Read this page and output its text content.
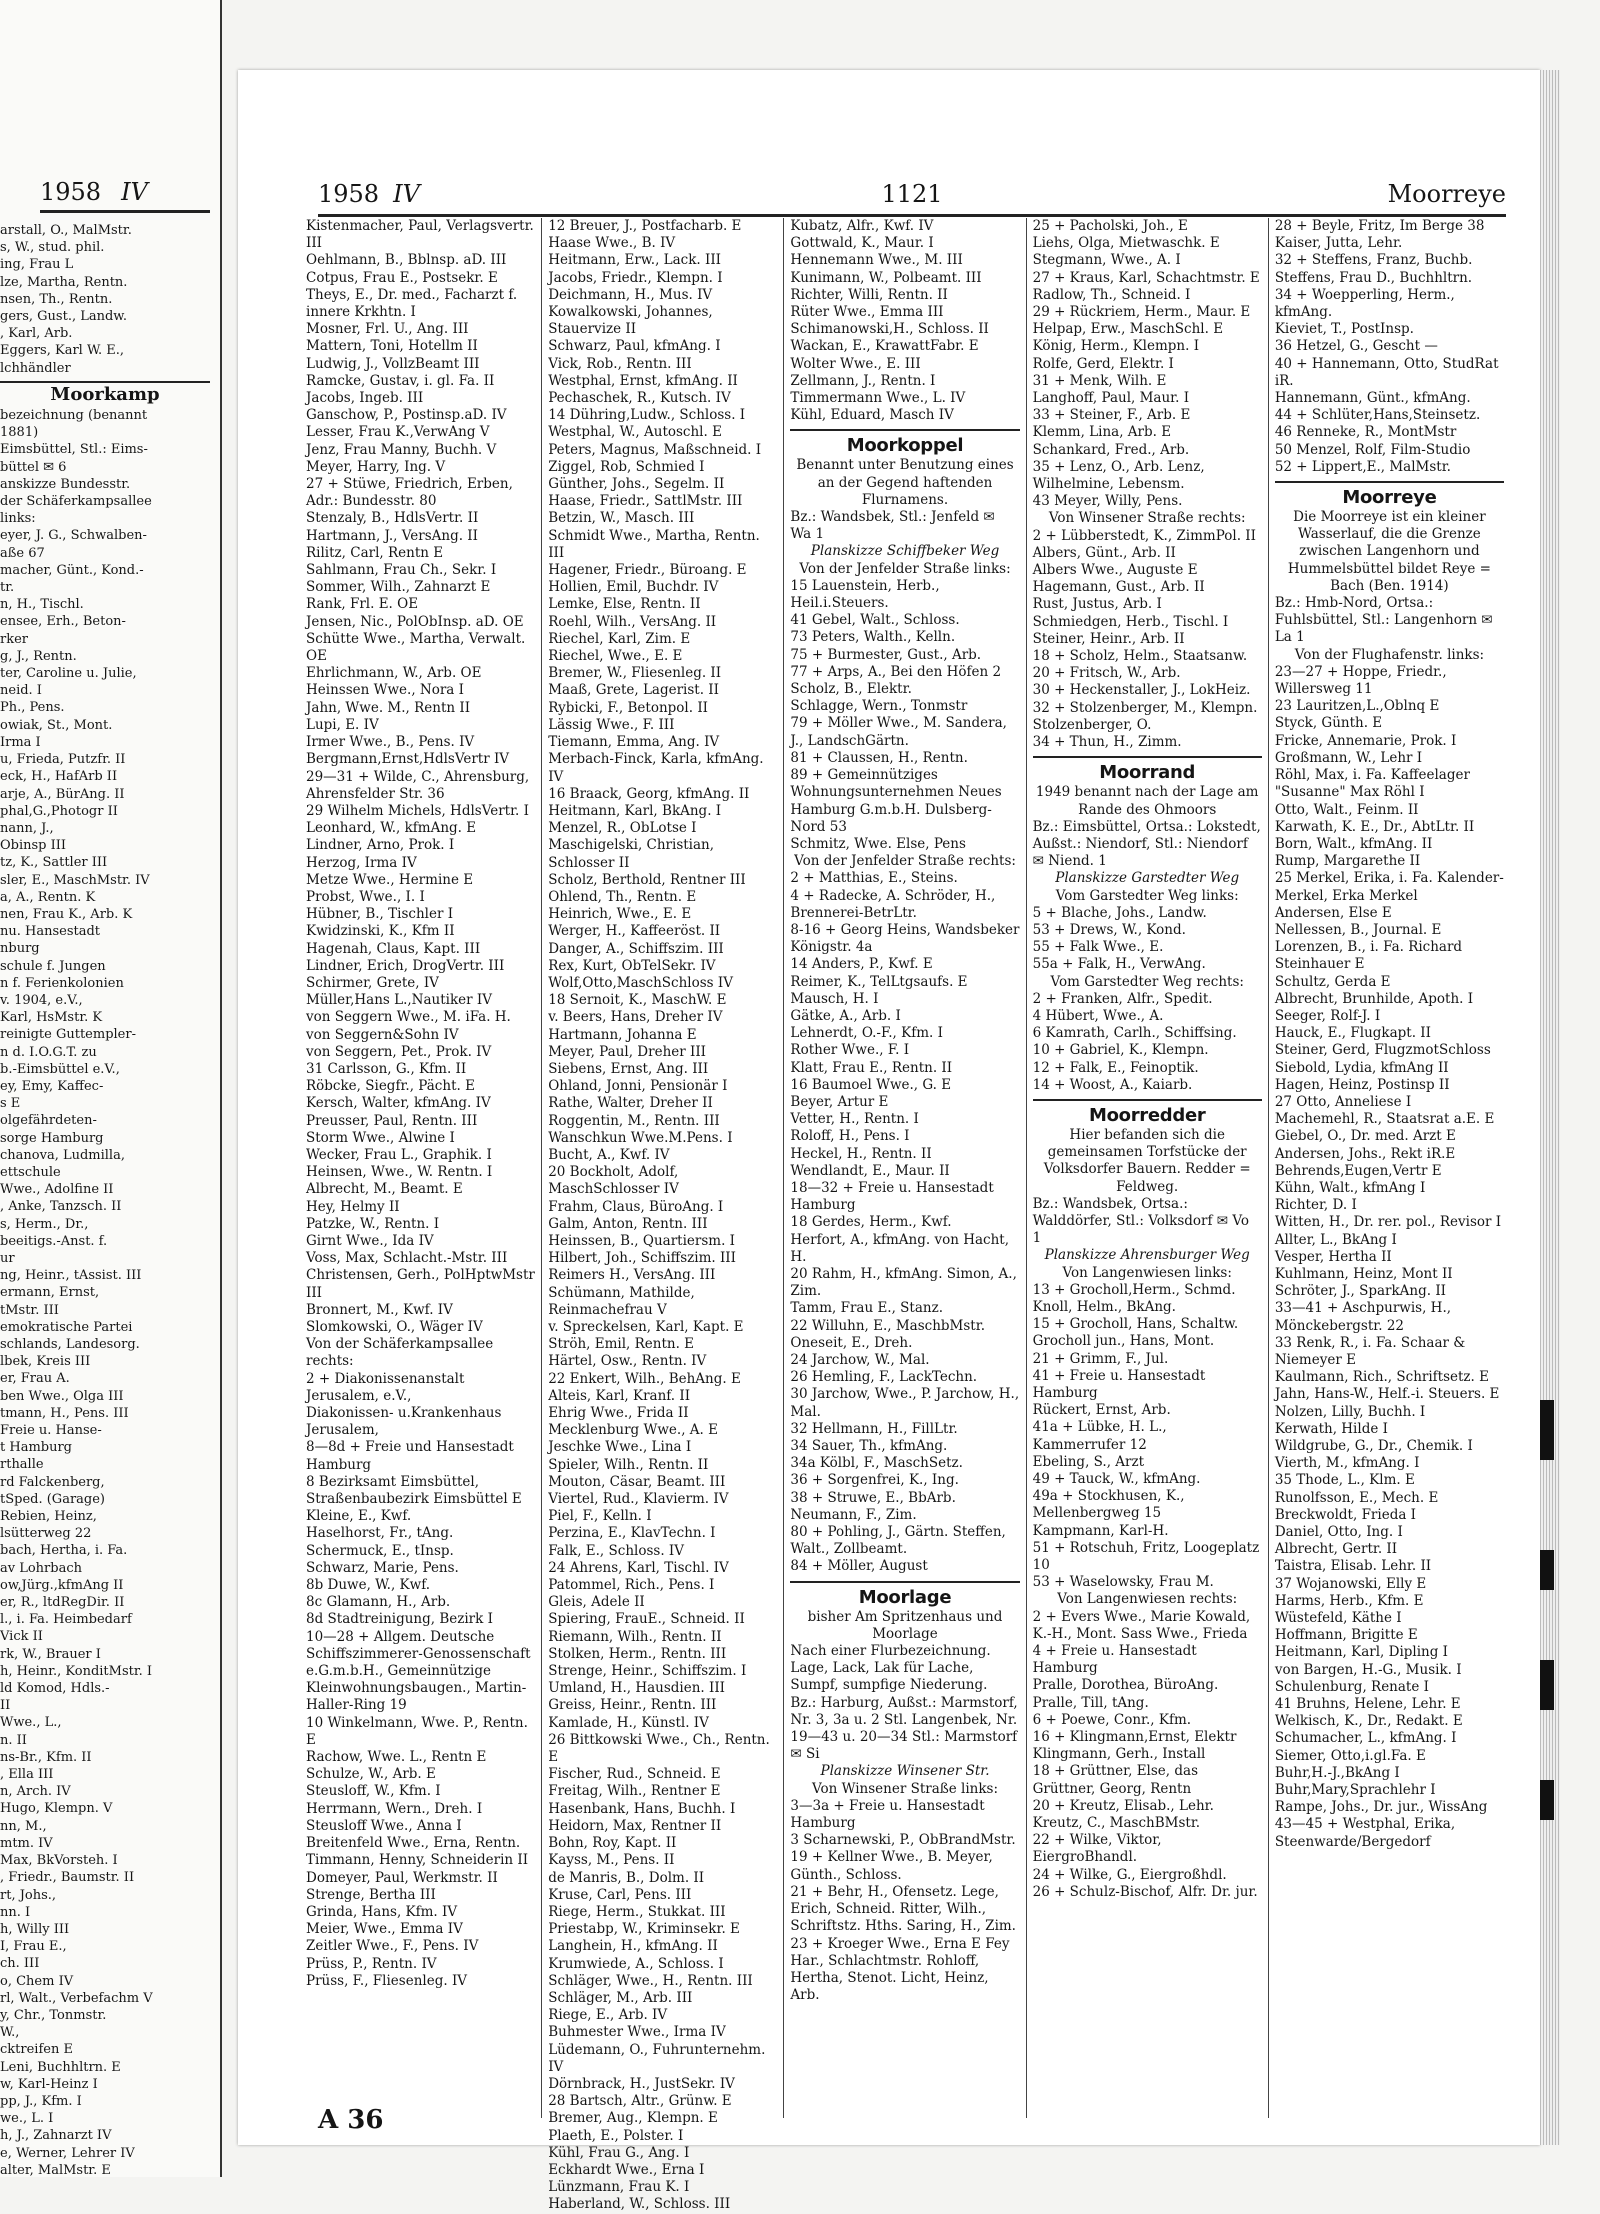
1958 IV
arstall, O., MalMstr.
s, W., stud. phil.
ing, Frau L
lze, Martha, Rentn.
nsen, Th., Rentn.
gers, Gust., Landw.
, Karl, Arb.
Eggers, Karl W. E.,
lchhändler
Moorkamp
bezeichnung (benannt
1881)
Eimsbüttel, Stl.: Eims-
büttel ✉ 6
anskizze Bundesstr.
der Schäferkampsallee
links:
eyer, J. G., Schwalben-
aße 67
macher, Günt., Kond.-
tr.
n, H., Tischl.
ensee, Erh., Beton-
rker
g, J., Rentn.
ter, Caroline u. Julie,
neid. I
Ph., Pens.
owiak, St., Mont.
Irma I
u, Frieda, Putzfr. II
eck, H., HafArb II
arje, A., BürAng. II
phal,G.,Photogr II
nann, J.,
Obinsp III
tz, K., Sattler III
sler, E., MaschMstr. IV
a, A., Rentn. K
nen, Frau K., Arb. K
nu. Hansestadt
nburg
schule f. Jungen
n f. Ferienkolonien
v. 1904, e.V.,
Karl, HsMstr. K
reinigte Guttempler-
n d. I.O.G.T. zu
b.-Eimsbüttel e.V.,
ey, Emy, Kaffec-
s E
olgefährdeten-
sorge Hamburg
chanova, Ludmilla,
ettschule
Wwe., Adolfine II
, Anke, Tanzsch. II
s, Herm., Dr.,
beeitigs.-Anst. f.
ur
ng, Heinr., tAssist. III
ermann, Ernst,
tMstr. III
emokratische Partei
schlands, Landesorg.
lbek, Kreis III
er, Frau A.
ben Wwe., Olga III
tmann, H., Pens. III
Freie u. Hanse-
t Hamburg
rthalle
rd Falckenberg,
tSped. (Garage)
Rebien, Heinz,
lsütterweg 22
bach, Hertha, i. Fa.
av Lohrbach
ow,Jürg.,kfmAng II
er, R., ltdRegDir. II
l., i. Fa. Heimbedarf
Vick II
rk, W., Brauer I
h, Heinr., KonditMstr. I
ld Komod, Hdls.-
II
Wwe., L.,
n. II
ns-Br., Kfm. II
, Ella III
n, Arch. IV
Hugo, Klempn. V
nn, M.,
mtm. IV
Max, BkVorsteh. I
, Friedr., Baumstr. II
rt, Johs.,
nn. I
h, Willy III
I, Frau E.,
ch. III
o, Chem IV
rl, Walt., Verbefachm V
y, Chr., Tonmstr.
W.,
cktreifen E
Leni, Buchhltrn. E
w, Karl-Heinz I
pp, J., Kfm. I
we., L. I
h, J., Zahnarzt IV
e, Werner, Lehrer IV
alter, MalMstr. E
1958 IV	1121	Moorreye
Kistenmacher, Paul, Verlagsvertr. III
Oehlmann, B., Bblnsp. aD. III
Cotpus, Frau E., Postsekr. E
Theys, E., Dr. med., Facharzt f. innere Krkhtn. I
Mosner, Frl. U., Ang. III
Mattern, Toni, Hotellm II
Ludwig, J., VollzBeamt III
Ramcke, Gustav, i. gl. Fa. II
Jacobs, Ingeb. III
Ganschow, P., Postinsp.aD. IV
Lesser, Frau K.,VerwAng V
Jenz, Frau Manny, Buchh. V
Meyer, Harry, Ing. V
27 + Stüwe, Friedrich, Erben, Adr.: Bundesstr. 80
Stenzaly, B., HdlsVertr. II
Hartmann, J., VersAng. II
Rilitz, Carl, Rentn E
Sahlmann, Frau Ch., Sekr. I
Sommer, Wilh., Zahnarzt E
Rank, Frl. E. OE
Jensen, Nic., PolObInsp. aD. OE
Schütte Wwe., Martha, Verwalt. OE
Ehrlichmann, W., Arb. OE
Heinssen Wwe., Nora I
Jahn, Wwe. M., Rentn II
Lupi, E. IV
Irmer Wwe., B., Pens. IV
Bergmann,Ernst,HdlsVertr IV
29—31 + Wilde, C., Ahrensburg, Ahrensfelder Str. 36
29 Wilhelm Michels, HdlsVertr. I
Leonhard, W., kfmAng. E
Lindner, Arno, Prok. I
Herzog, Irma IV
Metze Wwe., Hermine E
Probst, Wwe., I. I
Hübner, B., Tischler I
Kwidzinski, K., Kfm II
Hagenah, Claus, Kapt. III
Lindner, Erich, DrogVertr. III
Schirmer, Grete, IV
Müller,Hans L.,Nautiker IV
von Seggern Wwe., M. iFa. H. von Seggern&Sohn IV
von Seggern, Pet., Prok. IV
31 Carlsson, G., Kfm. II
Röbcke, Siegfr., Pächt. E
Kersch, Walter, kfmAng. IV
Preusser, Paul, Rentn. III
Storm Wwe., Alwine I
Wecker, Frau L., Graphik. I
Heinsen, Wwe., W. Rentn. I
Albrecht, M., Beamt. E
Hey, Helmy II
Patzke, W., Rentn. I
Girnt Wwe., Ida IV
Voss, Max, Schlacht.-Mstr. III
Christensen, Gerh., PolHptwMstr III
Bronnert, M., Kwf. IV
Slomkowski, O., Wäger IV
Von der Schäferkampsallee rechts:
2 + Diakonissenanstalt Jerusalem, e.V.,
Diakonissen- u.Krankenhaus Jerusalem,
8—8d + Freie und Hansestadt Hamburg
8 Bezirksamt Eimsbüttel, Straßenbaubezirk Eimsbüttel E
Kleine, E., Kwf.
Haselhorst, Fr., tAng.
Schermuck, E., tInsp.
Schwarz, Marie, Pens.
8b Duwe, W., Kwf.
8c Glamann, H., Arb.
8d Stadtreinigung, Bezirk I
10—28 + Allgem. Deutsche Schiffszimmerer-Genossenschaft e.G.m.b.H., Gemeinnützige Kleinwohnungsbaugen., Martin-Haller-Ring 19
10 Winkelmann, Wwe. P., Rentn. E
Rachow, Wwe. L., Rentn E
Schulze, W., Arb. E
Steusloff, W., Kfm. I
Herrmann, Wern., Dreh. I
Steusloff Wwe., Anna I
Breitenfeld Wwe., Erna, Rentn.
Timmann, Henny, Schneiderin II
Domeyer, Paul, Werkmstr. II
Strenge, Bertha III
Grinda, Hans, Kfm. IV
Meier, Wwe., Emma IV
Zeitler Wwe., F., Pens. IV
Prüss, P., Rentn. IV
Prüss, F., Fliesenleg. IV
12 Breuer, J., Postfacharb. E
Haase Wwe., B. IV
Heitmann, Erw., Lack. III
Jacobs, Friedr., Klempn. I
Deichmann, H., Mus. IV
Kowalkowski, Johannes, Stauervize II
Schwarz, Paul, kfmAng. I
Vick, Rob., Rentn. III
Westphal, Ernst, kfmAng. II
Pechaschek, R., Kutsch. IV
14 Dühring,Ludw., Schloss. I
Westphal, W., Autoschl. E
Peters, Magnus, Maßschneid. I
Ziggel, Rob, Schmied I
Günther, Johs., Segelm. II
Haase, Friedr., SattlMstr. III
Betzin, W., Masch. III
Schmidt Wwe., Martha, Rentn. III
Hagener, Friedr., Büroang. E
Hollien, Emil, Buchdr. IV
Lemke, Else, Rentn. II
Roehl, Wilh., VersAng. II
Riechel, Karl, Zim. E
Riechel, Wwe., E. E
Bremer, W., Fliesenleg. II
Maaß, Grete, Lagerist. II
Rybicki, F., Betonpol. II
Lässig Wwe., F. III
Tiemann, Emma, Ang. IV
Merbach-Finck, Karla, kfmAng. IV
16 Braack, Georg, kfmAng. II
Heitmann, Karl, BkAng. I
Menzel, R., ObLotse I
Maschigelski, Christian, Schlosser II
Scholz, Berthold, Rentner III
Ohlend, Th., Rentn. E
Heinrich, Wwe., E. E
Werger, H., Kaffeeröst. II
Danger, A., Schiffszim. III
Rex, Kurt, ObTelSekr. IV
Wolf,Otto,MaschSchloss IV
18 Sernoit, K., MaschW. E
v. Beers, Hans, Dreher IV
Hartmann, Johanna E
Meyer, Paul, Dreher III
Siebens, Ernst, Ang. III
Ohland, Jonni, Pensionär I
Rathe, Walter, Dreher II
Roggentin, M., Rentn. III
Wanschkun Wwe.M.Pens. I
Bucht, A., Kwf. IV
20 Bockholt, Adolf, MaschSchlosser IV
Frahm, Claus, BüroAng. I
Galm, Anton, Rentn. III
Heinssen, B., Quartiersm. I
Hilbert, Joh., Schiffszim. III
Reimers H., VersAng. III
Schümann, Mathilde, Reinmachefrau V
v. Spreckelsen, Karl, Kapt. E
Ströh, Emil, Rentn. E
Härtel, Osw., Rentn. IV
22 Enkert, Wilh., BehAng. E
Alteis, Karl, Kranf. II
Ehrig Wwe., Frida II
Mecklenburg Wwe., A. E
Jeschke Wwe., Lina I
Spieler, Wilh., Rentn. II
Mouton, Cäsar, Beamt. III
Viertel, Rud., Klavierm. IV
Piel, F., Kelln. I
Perzina, E., KlavTechn. I
Falk, E., Schloss. IV
24 Ahrens, Karl, Tischl. IV
Patommel, Rich., Pens. I
Gleis, Adele II
Spiering, FrauE., Schneid. II
Riemann, Wilh., Rentn. II
Stolken, Herm., Rentn. III
Strenge, Heinr., Schiffszim. I
Umland, H., Hausdien. III
Greiss, Heinr., Rentn. III
Kamlade, H., Künstl. IV
26 Bittkowski Wwe., Ch., Rentn. E
Fischer, Rud., Schneid. E
Freitag, Wilh., Rentner E
Hasenbank, Hans, Buchh. I
Heidorn, Max, Rentner II
Bohn, Roy, Kapt. II
Kayss, M., Pens. II
de Manris, B., Dolm. II
Kruse, Carl, Pens. III
Riege, Herm., Stukkat. III
Priestabp, W., Kriminsekr. E
Langhein, H., kfmAng. II
Krumwiede, A., Schloss. I
Schläger, Wwe., H., Rentn. III
Schläger, M., Arb. III
Riege, E., Arb. IV
Buhmester Wwe., Irma IV
Lüdemann, O., Fuhrunternehm. IV
Dörnbrack, H., JustSekr. IV
28 Bartsch, Altr., Grünw. E
Bremer, Aug., Klempn. E
Plaeth, E., Polster. I
Kühl, Frau G., Ang. I
Eckhardt Wwe., Erna I
Lünzmann, Frau K. I
Haberland, W., Schloss. III
Kubatz, Alfr., Kwf. IV
Gottwald, K., Maur. I
Hennemann Wwe., M. III
Kunimann, W., Polbeamt. III
Richter, Willi, Rentn. II
Rüter Wwe., Emma III
Schimanowski,H., Schloss. II
Wackan, E., KrawattFabr. E
Wolter Wwe., E. III
Zellmann, J., Rentn. I
Timmermann Wwe., L. IV
Kühl, Eduard, Masch IV
Moorkoppel
Benannt unter Benutzung eines an der Gegend haftenden Flurnamens.
Bz.: Wandsbek, Stl.: Jenfeld ✉ Wa 1
Planskizze Schiffbeker Weg
Von der Jenfelder Straße links:
15 Lauenstein, Herb., Heil.i.Steuers.
41 Gebel, Walt., Schloss.
73 Peters, Walth., Kelln.
75 + Burmester, Gust., Arb.
77 + Arps, A., Bei den Höfen 2
Scholz, B., Elektr.
Schlagge, Wern., Tonmstr
79 + Möller Wwe., M. Sandera, J., LandschGärtn.
81 + Claussen, H., Rentn.
89 + Gemeinnütziges Wohnungsunternehmen Neues Hamburg G.m.b.H. Dulsberg-Nord 53
Schmitz, Wwe. Else, Pens
Von der Jenfelder Straße rechts:
2 + Matthias, E., Steins.
4 + Radecke, A. Schröder, H., Brennerei-BetrLtr.
8-16 + Georg Heins, Wandsbeker Königstr. 4a
14 Anders, P., Kwf. E
Reimer, K., TelLtgsaufs. E
Mausch, H. I
Gätke, A., Arb. I
Lehnerdt, O.-F., Kfm. I
Rother Wwe., F. I
Klatt, Frau E., Rentn. II
16 Baumoel Wwe., G. E
Beyer, Artur E
Vetter, H., Rentn. I
Roloff, H., Pens. I
Heckel, H., Rentn. II
Wendlandt, E., Maur. II
18—32 + Freie u. Hansestadt Hamburg
18 Gerdes, Herm., Kwf.
Herfort, A., kfmAng. von Hacht, H.
20 Rahm, H., kfmAng. Simon, A., Zim.
Tamm, Frau E., Stanz.
22 Willuhn, E., MaschbMstr. Oneseit, E., Dreh.
24 Jarchow, W., Mal.
26 Hemling, F., LackTechn.
30 Jarchow, Wwe., P. Jarchow, H., Mal.
32 Hellmann, H., FillLtr.
34 Sauer, Th., kfmAng.
34a Kölbl, F., MaschSetz.
36 + Sorgenfrei, K., Ing.
38 + Struwe, E., BbArb. Neumann, F., Zim.
80 + Pohling, J., Gärtn. Steffen, Walt., Zollbeamt.
84 + Möller, August
Moorlage
bisher Am Spritzenhaus und Moorlage
Nach einer Flurbezeichnung. Lage, Lack, Lak für Lache, Sumpf, sumpfige Niederung.
Bz.: Harburg, Außst.: Marmstorf, Nr. 3, 3a u. 2 Stl. Langenbek, Nr. 19—43 u. 20—34 Stl.: Marmstorf ✉ Si
Planskizze Winsener Str.
Von Winsener Straße links:
3—3a + Freie u. Hansestadt Hamburg
3 Scharnewski, P., ObBrandMstr.
19 + Kellner Wwe., B. Meyer, Günth., Schloss.
21 + Behr, H., Ofensetz. Lege, Erich, Schneid. Ritter, Wilh., Schriftstz. Hths. Saring, H., Zim.
23 + Kroeger Wwe., Erna E Fey Har., Schlachtmstr. Rohloff, Hertha, Stenot. Licht, Heinz, Arb.
25 + Pacholski, Joh., E
Liehs, Olga, Mietwaschk. E
Stegmann, Wwe., A. I
27 + Kraus, Karl, Schachtmstr. E
Radlow, Th., Schneid. I
29 + Rückriem, Herm., Maur. E
Helpap, Erw., MaschSchl. E
König, Herm., Klempn. I
Rolfe, Gerd, Elektr. I
31 + Menk, Wilh. E
Langhoff, Paul, Maur. I
33 + Steiner, F., Arb. E
Klemm, Lina, Arb. E
Schankard, Fred., Arb.
35 + Lenz, O., Arb. Lenz, Wilhelmine, Lebensm.
43 Meyer, Willy, Pens.
Von Winsener Straße rechts:
2 + Lübberstedt, K., ZimmPol. II
Albers, Günt., Arb. II
Albers Wwe., Auguste E
Hagemann, Gust., Arb. II
Rust, Justus, Arb. I
Schmiedgen, Herb., Tischl. I
Steiner, Heinr., Arb. II
18 + Scholz, Helm., Staatsanw.
20 + Fritsch, W., Arb.
30 + Heckenstaller, J., LokHeiz.
32 + Stolzenberger, M., Klempn. Stolzenberger, O.
34 + Thun, H., Zimm.
Moorrand
1949 benannt nach der Lage am Rande des Ohmoors
Bz.: Eimsbüttel, Ortsa.: Lokstedt, Außst.: Niendorf, Stl.: Niendorf ✉ Niend. 1
Planskizze Garstedter Weg
Vom Garstedter Weg links:
5 + Blache, Johs., Landw.
53 + Drews, W., Kond.
55 + Falk Wwe., E.
55a + Falk, H., VerwAng.
Vom Garstedter Weg rechts:
2 + Franken, Alfr., Spedit.
4 Hübert, Wwe., A.
6 Kamrath, Carlh., Schiffsing.
10 + Gabriel, K., Klempn.
12 + Falk, E., Feinoptik.
14 + Woost, A., Kaiarb.
Moorredder
Hier befanden sich die gemeinsamen Torfstücke der Volksdorfer Bauern. Redder = Feldweg.
Bz.: Wandsbek, Ortsa.: Walddörfer, Stl.: Volksdorf ✉ Vo 1
Planskizze Ahrensburger Weg
Von Langenwiesen links:
13 + Grocholl,Herm., Schmd. Knoll, Helm., BkAng.
15 + Grocholl, Hans, Schaltw. Grocholl jun., Hans, Mont.
21 + Grimm, F., Jul.
41 + Freie u. Hansestadt Hamburg
Rückert, Ernst, Arb.
41a + Lübke, H. L., Kammerrufer 12
Ebeling, S., Arzt
49 + Tauck, W., kfmAng.
49a + Stockhusen, K., Mellenbergweg 15
Kampmann, Karl-H.
51 + Rotschuh, Fritz, Loogeplatz 10
53 + Waselowsky, Frau M.
Von Langenwiesen rechts:
2 + Evers Wwe., Marie Kowald, K.-H., Mont. Sass Wwe., Frieda
4 + Freie u. Hansestadt Hamburg
Pralle, Dorothea, BüroAng. Pralle, Till, tAng.
6 + Poewe, Conr., Kfm.
16 + Klingmann,Ernst, Elektr Klingmann, Gerh., Install
18 + Grüttner, Else, das Grüttner, Georg, Rentn
20 + Kreutz, Elisab., Lehr. Kreutz, C., MaschBMstr.
22 + Wilke, Viktor, EiergroBhandl.
24 + Wilke, G., Eiergroßhdl.
26 + Schulz-Bischof, Alfr. Dr. jur.
28 + Beyle, Fritz, Im Berge 38 Kaiser, Jutta, Lehr.
32 + Steffens, Franz, Buchb. Steffens, Frau D., Buchhltrn.
34 + Woepperling, Herm., kfmAng.
Kieviet, T., PostInsp.
36 Hetzel, G., Gescht —
40 + Hannemann, Otto, StudRat iR.
Hannemann, Günt., kfmAng.
44 + Schlüter,Hans,Steinsetz.
46 Renneke, R., MontMstr
50 Menzel, Rolf, Film-Studio
52 + Lippert,E., MalMstr.
Moorreye
Die Moorreye ist ein kleiner Wasserlauf, die die Grenze zwischen Langenhorn und Hummelsbüttel bildet Reye = Bach (Ben. 1914)
Bz.: Hmb-Nord, Ortsa.: Fuhlsbüttel, Stl.: Langenhorn ✉ La 1
Von der Flughafenstr. links:
23—27 + Hoppe, Friedr., Willersweg 11
23 Lauritzen,L.,Oblnq E
Styck, Günth. E
Fricke, Annemarie, Prok. I
Großmann, W., Lehr I
Röhl, Max, i. Fa. Kaffeelager "Susanne" Max Röhl I
Otto, Walt., Feinm. II
Karwath, K. E., Dr., AbtLtr. II
Born, Walt., kfmAng. II
Rump, Margarethe II
25 Merkel, Erika, i. Fa. Kalender-Merkel, Erka Merkel
Andersen, Else E
Nellessen, B., Journal. E
Lorenzen, B., i. Fa. Richard Steinhauer E
Schultz, Gerda E
Albrecht, Brunhilde, Apoth. I
Seeger, Rolf-J. I
Hauck, E., Flugkapt. II
Steiner, Gerd, FlugzmotSchloss
Siebold, Lydia, kfmAng II
Hagen, Heinz, Postinsp II
27 Otto, Anneliese I
Machemehl, R., Staatsrat a.E. E
Giebel, O., Dr. med. Arzt E
Andersen, Johs., Rekt iR.E
Behrends,Eugen,Vertr E
Kühn, Walt., kfmAng I
Richter, D. I
Witten, H., Dr. rer. pol., Revisor I
Allter, L., BkAng I
Vesper, Hertha II
Kuhlmann, Heinz, Mont II
Schröter, J., SparkAng. II
33—41 + Aschpurwis, H., Mönckebergstr. 22
33 Renk, R., i. Fa. Schaar & Niemeyer E
Kaulmann, Rich., Schriftsetz. E
Jahn, Hans-W., Helf.-i. Steuers. E
Nolzen, Lilly, Buchh. I
Kerwath, Hilde I
Wildgrube, G., Dr., Chemik. I
Vierth, M., kfmAng. I
35 Thode, L., Klm. E
Runolfsson, E., Mech. E
Breckwoldt, Frieda I
Daniel, Otto, Ing. I
Albrecht, Gertr. II
Taistra, Elisab. Lehr. II
37 Wojanowski, Elly E
Harms, Herb., Kfm. E
Wüstefeld, Käthe I
Hoffmann, Brigitte E
Heitmann, Karl, Dipling I
von Bargen, H.-G., Musik. I
Schulenburg, Renate I
41 Bruhns, Helene, Lehr. E
Welkisch, K., Dr., Redakt. E
Schumacher, L., kfmAng. I
Siemer, Otto,i.gl.Fa. E
Buhr,H.-J.,BkAng I
Buhr,Mary,Sprachlehr I
Rampe, Johs., Dr. jur., WissAng
43—45 + Westphal, Erika, Steenwarde/Bergedorf
A 36
